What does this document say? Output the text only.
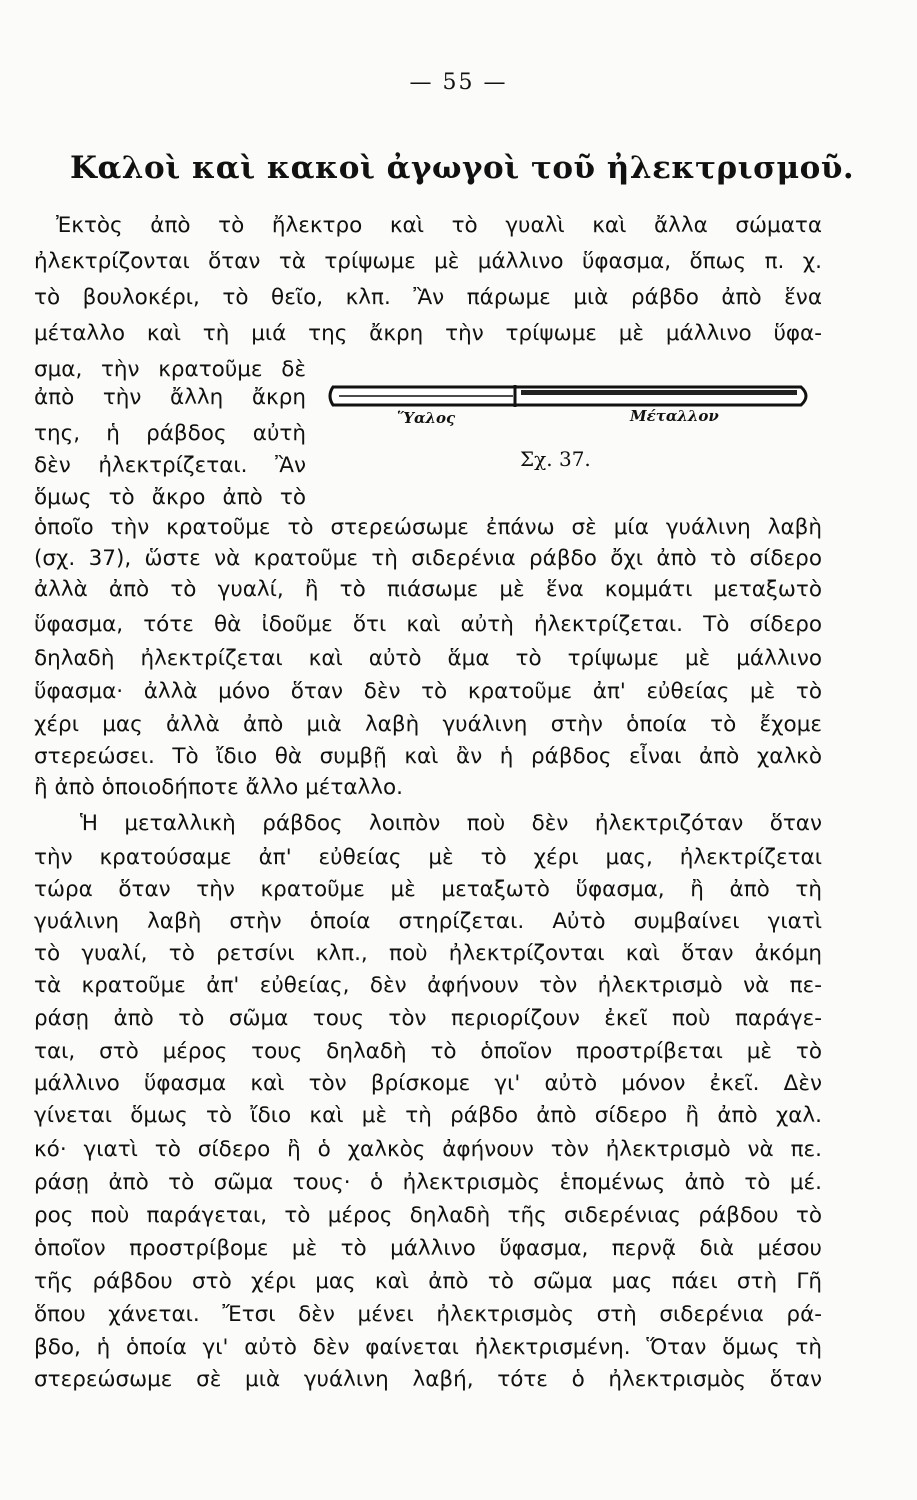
— 55 —
Καλοὶ καὶ κακοὶ ἀγωγοὶ τοῦ ἠλεκτρισμοῦ.
Ἐκτὸς ἀπὸ τὸ ἤλεκτρο καὶ τὸ γυαλὶ καὶ ἄλλα σώματα
ἠλεκτρίζονται ὅταν τὰ τρίψωμε μὲ μάλλινο ὕφασμα, ὅπως π. χ.
τὸ βουλοκέρι, τὸ θεῖο, κλπ. Ἂν πάρωμε μιὰ ράβδο ἀπὸ ἕνα
μέταλλο καὶ τὴ μιά της ἄκρη τὴν τρίψωμε μὲ μάλλινο ὕφα-
σμα, τὴν κρατοῦμε δὲ
ἀπὸ τὴν ἄλλη ἄκρη
της, ἡ ράβδος αὐτὴ
δὲν ἠλεκτρίζεται. Ἂν
ὅμως τὸ ἄκρο ἀπὸ τὸ
ὁποῖο τὴν κρατοῦμε τὸ στερεώσωμε ἐπάνω σὲ μία γυάλινη λαβὴ
(σχ. 37), ὥστε νὰ κρατοῦμε τὴ σιδερένια ράβδο ὄχι ἀπὸ τὸ σίδερο
ἀλλὰ ἀπὸ τὸ γυαλί, ἢ τὸ πιάσωμε μὲ ἕνα κομμάτι μεταξωτὸ
ὕφασμα, τότε θὰ ἰδοῦμε ὅτι καὶ αὐτὴ ἠλεκτρίζεται. Τὸ σίδερο
δηλαδὴ ἠλεκτρίζεται καὶ αὐτὸ ἅμα τὸ τρίψωμε μὲ μάλλινο
ὕφασμα· ἀλλὰ μόνο ὅταν δὲν τὸ κρατοῦμε ἀπ' εὐθείας μὲ τὸ
χέρι μας ἀλλὰ ἀπὸ μιὰ λαβὴ γυάλινη στὴν ὁποία τὸ ἔχομε
στερεώσει. Τὸ ἴδιο θὰ συμβῇ καὶ ἂν ἡ ράβδος εἶναι ἀπὸ χαλκὸ
ἢ ἀπὸ ὁποιοδήποτε ἄλλο μέταλλο.
Ἡ μεταλλικὴ ράβδος λοιπὸν ποὺ δὲν ἠλεκτριζόταν ὅταν
τὴν κρατούσαμε ἀπ' εὐθείας μὲ τὸ χέρι μας, ἠλεκτρίζεται
τώρα ὅταν τὴν κρατοῦμε μὲ μεταξωτὸ ὕφασμα, ἢ ἀπὸ τὴ
γυάλινη λαβὴ στὴν ὁποία στηρίζεται. Αὐτὸ συμβαίνει γιατὶ
τὸ γυαλί, τὸ ρετσίνι κλπ., ποὺ ἠλεκτρίζονται καὶ ὅταν ἀκόμη
τὰ κρατοῦμε ἀπ' εὐθείας, δὲν ἀφήνουν τὸν ἠλεκτρισμὸ νὰ πε-
ράσῃ ἀπὸ τὸ σῶμα τους τὸν περιορίζουν ἐκεῖ ποὺ παράγε-
ται, στὸ μέρος τους δηλαδὴ τὸ ὁποῖον προστρίβεται μὲ τὸ
μάλλινο ὕφασμα καὶ τὸν βρίσκομε γι' αὐτὸ μόνον ἐκεῖ. Δὲν
γίνεται ὅμως τὸ ἴδιο καὶ μὲ τὴ ράβδο ἀπὸ σίδερο ἢ ἀπὸ χαλ.
κό· γιατὶ τὸ σίδερο ἢ ὁ χαλκὸς ἀφήνουν τὸν ἠλεκτρισμὸ νὰ πε.
ράσῃ ἀπὸ τὸ σῶμα τους· ὁ ἠλεκτρισμὸς ἑπομένως ἀπὸ τὸ μέ.
ρος ποὺ παράγεται, τὸ μέρος δηλαδὴ τῆς σιδερένιας ράβδου τὸ
ὁποῖον προστρίβομε μὲ τὸ μάλλινο ὕφασμα, περνᾷ διὰ μέσου
τῆς ράβδου στὸ χέρι μας καὶ ἀπὸ τὸ σῶμα μας πάει στὴ Γῆ
ὅπου χάνεται. Ἔτσι δὲν μένει ἠλεκτρισμὸς στὴ σιδερένια ρά-
βδο, ἡ ὁποία γι' αὐτὸ δὲν φαίνεται ἠλεκτρισμένη. Ὅταν ὅμως τὴ
στερεώσωμε σὲ μιὰ γυάλινη λαβή, τότε ὁ ἠλεκτρισμὸς ὅταν
Ὕαλος	Μέταλλον
Σχ. 37.
